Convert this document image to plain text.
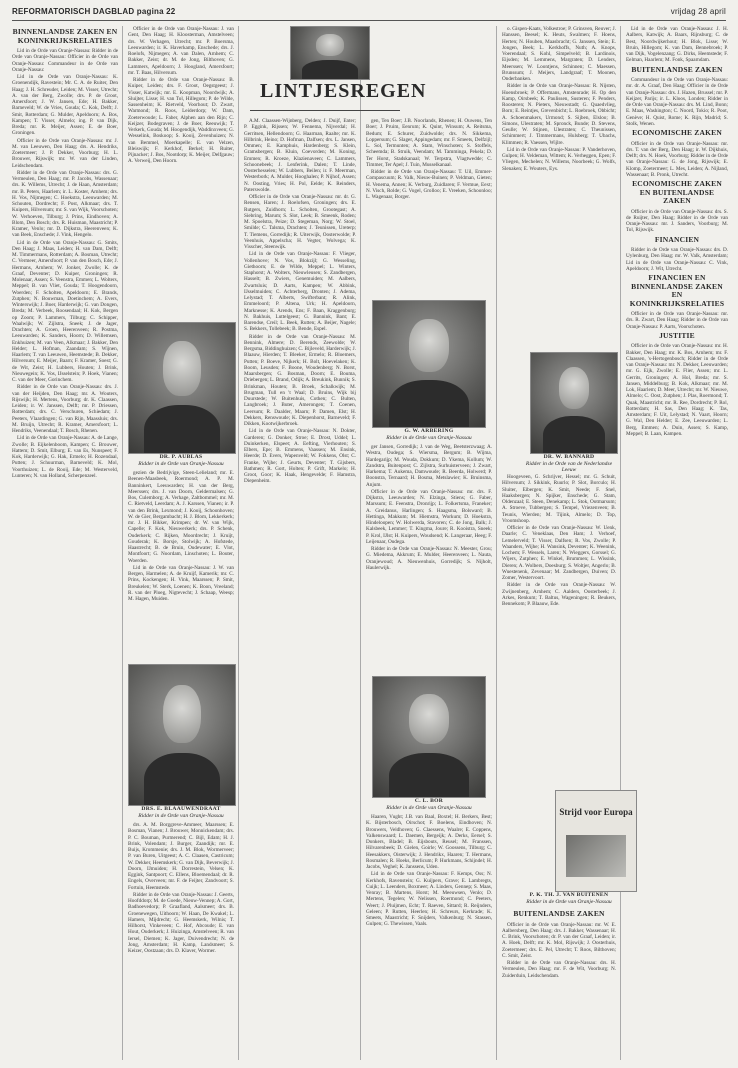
REFORMATORISCH DAGBLAD pagina 22	vrijdag 28 april
BINNENLANDSE ZAKEN EN KONINKRIJKSRELATIES

Lid in de Orde van Oranje-Nassau: Ridder in de Orde van Oranje-Nassau: Officier in de Orde van Oranje-Nassau: Commandeur in de Orde van Oranje-Nassau:

Lid in de Orde van Oranje-Nassau: K. Groenendijk, Ravestein; Mr. C. A. de Ruiter, Den Haag; J. H. Schreuder, Leiden; M. Visser, Utrecht; A. van der Berg, Zwolle; drs. P. de Groot, Amersfoort; J. W. Jansen, Ede; H. Bakker, Barneveld; W. de Vries, Gouda; C. Kok, Delft; J. Smit, Rotterdam; G. Mulder, Apeldoorn; A. Bos, Kampen; T. Visser, Almelo; ing. P. van Dijk, Breda; mr. R. Meijer, Assen; E. de Boer, Groningen.

Officier in de Orde van Oranje-Nassau: mr. J. M. van Leeuwen, Den Haag; drs. A. Hendriks, Zoetermeer; J. P. Dekker, Voorburg; H. L. Brouwer, Rijswijk; mr. W. van der Linden, Leidschendam.

Ridder in de Orde van Oranje-Nassau: drs. G. Vermeulen, Den Haag; mr. P. Jacobs, Wassenaar; drs. K. Willems, Utrecht; J. de Haan, Amsterdam; mr. B. Peters, Haarlem; ir. L. Koster, Arnhem; drs. H. Vos, Nijmegen; C. Hoekstra, Leeuwarden; M. Schouten, Dordrecht; F. Post, Alkmaar; drs. T. Kuipers, Hilversum; mr. S. van Wijk, Voorschoten; W. Verhoeven, Tilburg; J. Prins, Eindhoven; A. Blom, Den Bosch; drs. R. Huisman, Maastricht; P. Kramer, Venlo; mr. D. Dijkstra, Heerenveen; K. van Beek, Enschede; J. Vink, Hengelo.

Lid in de Orde van Oranje-Nassau: G. Smits, Den Haag; J. Maas, Leiden; H. van Dam, Delft; M. Timmermans, Rotterdam; A. Bosman, Utrecht; C. Vermeer, Amersfoort; P. van den Bosch, Ede; J. Hermans, Arnhem; W. Jonker, Zwolle; K. de Graaf, Deventer; D. Kuiper, Groningen; R. Molenaar, Assen; S. Veenstra, Emmen; L. Wolters, Meppel; B. van Vliet, Gouda; T. Hoogendoorn, Woerden; F. Scholten, Apeldoorn; E. Brands, Zutphen; N. Bouwman, Doetinchem; A. Evers, Winterswijk; J. Boer, Harderwijk; G. van Dongen, Breda; M. Verbeek, Roosendaal; H. Kok, Bergen op Zoom; P. Lammers, Tilburg; C. Schipper, Waalwijk; W. Zijlstra, Sneek; J. de Jager, Drachten; A. Groen, Heerenveen; R. Postma, Leeuwarden; K. Sanders, Hoorn; D. Willemsen, Enkhuizen; M. van Veen, Alkmaar; J. Bakker, Den Helder; L. Hofman, Zaandam; S. Wijnen, Haarlem; T. van Leeuwen, Heemstede; B. Dekker, Hilversum; E. Meijer, Baarn; F. Kramer, Soest; G. de Wit, Zeist; H. Lubbers, Houten; J. Brink, Nieuwegein; K. Vos, IJsselstein; P. Hoek, Vianen; C. van der Meer, Gorinchem.

Ridder in de Orde van Oranje-Nassau: drs. J. van der Heijden, Den Haag; mr. A. Wouters, Rijswijk; H. Mertens, Voorburg; dr. K. Claassen, Leiden; ir. W. Janssen, Delft; mr. P. Driessen, Rotterdam; drs. C. Verschuren, Schiedam; J. Peeters, Vlaardingen; G. van Rijn, Maassluis; drs. M. Bruijn, Utrecht; R. Kramer, Amersfoort; L. Hendriks, Veenendaal; T. Bosch, Rhenen.

Lid in de Orde van Oranje-Nassau: A. de Lange, Zwolle; B. Eijkelenboom, Kampen; C. Brouwer, Hattem; D. Smit, Elburg; E. van Es, Nunspeet; F. Kok, Harderwijk; G. Hak, Ermelo; H. Rozendaal, Putten; J. Schuurman, Barneveld; K. Mol, Voorthuizen; L. de Rooij, Ede; M. Westerveld, Lunteren; N. van Holland, Scherpenzeel.

Officier in de Orde van Oranje-Nassau: J. van Gent, Den Haag; H. Kloosterman, Amstelveen; drs. W. Verhagen, Utrecht; mr. P. Boersma, Leeuwarden; ir. K. Haverkamp, Enschede; drs. J. Roelofs, Nijmegen; A. van Dalen, Arnhem; C. Bakker, Zeist; dr. M. de Jong, Bilthoven; G. Lammers, Apeldoorn; J. Hoogland, Amersfoort; mr. T. Baas, Hilversum.

Ridder in de Orde van Oranje-Nassau: B. Kuiper, Leiden; drs. F. Groot, Oegstgeest; J. Visser, Katwijk; mr. E. Koopman, Noordwijk; A. Sluijter, Lisse; H. van Tol, Hillegom; P. de Wilde, Sassenheim; K. Rietveld, Voorhout; D. Zwart, Warmond; R. Roos, Leiderdorp; W. Dam, Zoeterwoude; L. Faber, Alphen aan den Rijn; C. Keijzer, Bodegraven; J. de Boer, Reeuwijk; T. Verkerk, Gouda; M. Hoogendijk, Waddinxveen; G. Wesselink, Boskoop; S. Kooij, Zevenhuizen; N. van Bemmel, Moerkapelle; E. van Velzen, Bleiswijk; F. Kerkhof, Berkel; H. Ruiter, Pijnacker; J. Bos, Nootdorp; K. Meijer, Delfgauw; A. Verweij, Den Hoorn.

DR. P. AUBLAS
Ridder in de Orde van Oranje-Nassau

gezien de Bedrijvige, Steen-Lelieland; mr. E. Beenen-Maasbeek, Roermond; A. P. M. Banninkert, Leeuwarden; H. van der Berg, Meerssen; drs. J. van Doorn, Geldermalsen; G. Bos, Culemborg; A. Verhage, Zaltbommel; mr. M. C. Rietveld, Leerdam; A. J. Karssen, Vianen; ir. P. van den Brink, Lexmond; J. Kooij, Schoonhoven; W. de Gier, Bergambacht; H. J. Blom, Lekkerkerk; mr. J. H. Bikker, Krimpen; dr. W. van Wijk, Capelle; F. Kok, Nieuwerkerk; drs. P. Schenk, Ouderkerk; C. Rijken, Moordrecht; J. Kruijt, Gouderak; K. Borsje, Stolwijk; A. Hofstede, Haastrecht; B. de Bruin, Oudewater; E. Vlot, Montfoort; G. Noordam, Linschoten; L. Bouter, Woerden.

Lid in de Orde van Oranje-Nassau: J. W. van Bergen, Harmelen; A. de Kruijf, Kamerik; mr. C. Prins, Kockengen; H. Vink, Maarssen; P. Smit, Breukelen; W. Sterk, Loenen; K. Boon, Vreeland; R. van der Ploeg, Nigtevecht; J. Schaap, Weesp; M. Hagen, Muiden.

DRS. E. BLAAUWENDRAAT
Ridder in de Orde van Oranje-Nassau

drs. A. M. Borggreve-Ammeer, Maarssen; E. Bosman, Vianen; J. Brouwer, Monnickendam; drs. P. C. Bouman, Purmerend; C. Bijl, Edam; H. J. Brink, Volendam; J. Burger, Zaandijk; mr. E. Buijs, Krommenie; drs. J. M. Blok, Wormerveer; P. van Buren, Uitgeest; A. C. Claasen, Castricum; W. Dekker, Heemskerk; G. van Dijk, Beverwijk; J. Doorn, IJmuiden; H. Dorrestein, Velsen; K. Eggink, Santpoort; C. Ellens, Bloemendaal; dr. R. Engels, Overveen; mr. F. de Feijter, Zandvoort; S. Fortuin, Heemstede.

Ridder in de Orde van Oranje-Nassau: J. Geerts, Hoofddorp; M. de Goede, Nieuw-Vennep; A. Gort, Badhoevedorp; P. Graafland, Aalsmeer; drs. B. Groenewegen, Uithoorn; W. Haan, De Kwakel; L. Hamers, Mijdrecht; G. Heemskerk, Wilnis; T. Hilhorst, Vinkeveen; C. Hof, Abcoude; E. van Hout, Ouderkerk; J. Huizinga, Amstelveen; R. van Iersel, Diemen; K. Jager, Duivendrecht; N. de Jong, Amsterdam; H. Kamp, Landsmeer; S. Keizer, Oostzaan; drs. D. Klaver, Wormer.

LINTJESREGEN

A.M. Claassen-Wijnberg, Delden; J. Duijf, Enter; P. Eggink, Rijssen; W. Fennema, Nijverdal; H. Gerritsen, Hellendoorn; G. Haarman, Raalte; mr. K. Hilbrink, Heino; D. Hofman, Dalfsen; drs. L. Jansen, Ommen; E. Kamphuis, Hardenberg; S. Klein, Gramsbergen; B. Kluin, Coevorden; M. Koning, Emmen; R. Kroeze, Klazienaveen; C. Lammers, Schoonebeek; J. Lenferink, Dalen; T. Linde, Oosterhesselen; W. Lubbers, Beilen; ir. F. Meerman, Westerbork; A. Mulder, Hooghalen; P. Nijhof, Assen; N. Oosting, Vries; H. Pol, Eelde; K. Reinders, Paterswolde.

Officier in de Orde van Oranje-Nassau: mr. dr. G. Rensen, Haren; J. Roelofsen, Groningen; drs. E. Rutgers, Zuidhorn; L. Scholten, Grootegast; A. Siebring, Marum; S. Slot, Leek; B. Smeenk, Roden; M. Spoelstra, Peize; D. Stegeman, Norg; W. Stoel, Smilde; C. Talsma, Drachten; J. Teunissen, Ureterp; T. Tiemens, Gorredijk; R. Uiterwijk, Oosterwolde; P. Veenhuis, Appelscha; H. Vegter, Wolvega; K. Visscher, Steenwijk.

Lid in de Orde van Oranje-Nassau: F. Vlieger, Vollenhove; N. Vos, Blokzijl; G. Wesseling, Giethoorn; E. de Wilde, Meppel; L. Winters, Staphorst; A. Wolters, Nieuwleusen; S. Zandbergen, Hasselt; B. Zwiers, Genemuiden; M. Aalbers, Zwartsluis; D. Aarts, Kampen; W. Abbink, IJsselmuiden; C. Achterberg, Dronten; J. Adema, Lelystad; T. Alberts, Swifterbant; R. Alink, Emmeloord; P. Altena, Urk; H. Apeldoorn, Marknesse; K. Arends, Ens; F. Baan, Kraggenburg; N. Bakhuis, Luttelgeest; G. Bannink, Bant; E. Barendse, Creil; L. Beek, Rutten; A. Beijer, Nagele; S. Bekkers, Tollebeek; B. Bende, Espel.

Ridder in de Orde van Oranje-Nassau: M. Bennink, Almere; D. Berends, Zeewolde; W. Bergsma, Biddinghuizen; C. Bijleveld, Harderwijk; J. Blaauw, Hierden; T. Bleeker, Ermelo; R. Bloemers, Putten; P. Boeve, Nijkerk; H. Bolt, Hoevelaken; K. Boom, Leusden; F. Boone, Woudenberg; N. Borst, Maarsbergen; G. Bosman, Doorn; E. Bouma, Driebergen; L. Brand, Odijk; A. Breukink, Bunnik; S. Brinkman, Houten; B. Broek, Schalkwijk; M. Brugman, Tull en 't Waal; D. Bruins, Wijk bij Duurstede; W. Buitenhuis, Cothen; C. Bulten, Langbroek; J. Buter, Amerongen; T. Coenen, Leersum; R. Daalder, Maarn; P. Damen, Elst; H. Dekkers, Renswoude; K. Diepenhorst, Barneveld; F. Dikken, Kootwijkerbroek.

Lid in de Orde van Oranje-Nassau: N. Dokter, Garderen; G. Donker, Stroe; E. Drost, Uddel; L. Duinkerken, Elspeet; A. Eefting, Vierhouten; S. Elbers, Epe; B. Emmens, Vaassen; M. Ensink, Heerde; D. Evers, Wapenveld; W. Fokkens, Olst; C. Franke, Wijhe; J. Geurts, Deventer; T. Gijsbers, Bathmen; R. Gort, Holten; P. Grift, Markelo; H. Groot, Goor; K. Haak, Hengevelde; F. Hamstra, Diepenheim.

gen, Ten Boer; J.B. Noorlands, Rhenen; H. Ouwens, Ten Boer; J. Pruim, Eenrum; K. Quint, Winsum; A. Reitsma, Bedum; E. Schurer, Zuidwolde; drs. N. Sikkema, Loppersum; G. Slager, Appingedam; mr. F. Smeets, Delfzijl; L. Sol, Termunten; A. Stam, Winschoten; S. Stoffels, Scheemda; B. Struik, Veendam; M. Tamminga, Pekela; D. Ter Horst, Stadskanaal; W. Terpstra, Vlagtwedde; C. Timmer, Ter Apel; J. Tuin, Musselkanaal.

Ridder in de Orde van Oranje-Nassau: T. Uil, Emmer-Compascuum; R. Valk, Nieuw-Buinen; P. Veldman, Gieten; H. Venema, Annen; K. Verburg, Zuidlaren; F. Vermue, Eext; N. Visch, Rolde; G. Vogel, Grolloo; E. Vreeken, Schoonloo; L. Wagenaar, Borger.

G. W. ARBERING
Ridder in de Orde van Oranje-Nassau

ger Jansen, Gorredijk; J. van de Weg, Beetsterzwaag; A. Westra, Oudega; S. Wiersma, Bergum; B. Wijma, Hardegarijp; M. Wouda, Dokkum; D. Ykema, Kollum; W. Zandstra, Buitenpost; C. Zijlstra, Surhuisterveen; J. Zwart, Harkema; T. Aukema, Damwoude; R. Beerda, Holwerd; P. Boonstra, Ternaard; H. Bosma, Metslawier; K. Bruinsma, Anjum.

Officier in de Orde van Oranje-Nassau: mr. drs. F. Dijkstra, Leeuwarden; N. Elzinga, Stiens; G. Faber, Marssum; E. Feenstra, Dronrijp; L. Folkertsma, Franeker; A. Greidanus, Harlingen; S. Haagsma, Bolsward; B. Hettinga, Makkum; M. Hiemstra, Workum; D. Hoekstra, Hindeloopen; W. Holwerda, Stavoren; C. de Jong, Balk; J. Kalsbeek, Lemmer; T. Kingma, Joure; R. Kooistra, Sneek; P. Krol, IJlst; H. Kuipers, Woudsend; K. Langeraar, Heeg; F. Leijenaar, Oudega.

Ridder in de Orde van Oranje-Nassau: N. Meester, Grou; G. Miedema, Akkrum; E. Mulder, Heerenveen; L. Nauta, Oranjewoud; A. Nieuwenhuis, Gorredijk; S. Nijholt, Haulerwijk.

C. L. BOR
Ridder in de Orde van Oranje-Nassau

Haaren, Vught; J.B. van Baal, Boxtel; H. Berkers, Best; K. Bijsterbosch, Oirschot; F. Boelens, Eindhoven; N. Brouwers, Veldhoven; G. Claessens, Waalre; E. Coppens, Valkenswaard; L. Daemen, Bergeijk; A. Derks, Eersel; S. Donkers, Bladel; B. Eijsbouts, Reusel; M. Franssen, Hilvarenbeek; D. Gielen, Goirle; W. Goossens, Tilburg; C. Heesakkers, Oisterwijk; J. Hendrikx, Haaren; T. Hermans, Rosmalen; R. Hoeks, Berlicum; P. Hurkmans, Schijndel; H. Jacobs, Veghel; K. Janssens, Uden.

Lid in de Orde van Oranje-Nassau: F. Kemps, Oss; N. Kerkhofs, Ravenstein; G. Kuijpers, Grave; E. Lambregts, Cuijk; L. Leenders, Boxmeer; A. Linders, Gennep; S. Maas, Venray; B. Martens, Horst; M. Meeuwsen, Venlo; D. Mertens, Tegelen; W. Nelissen, Roermond; C. Peeters, Weert; J. Pluijmen, Echt; T. Raeven, Sittard; R. Reijnders, Geleen; P. Rutten, Heerlen; H. Schreurs, Kerkrade; K. Smeets, Maastricht; F. Snijders, Valkenburg; N. Stassen, Gulpen; G. Thewissen, Vaals.

o. Gispen-Kaats, Volkestroe; P. Grinsven, Reuver; J. Hanssen, Beesel; K. Heuts, Swalmen; F. Hoens, Herten; N. Houben, Maasbracht; G. Janssen, Stein; E. Jongen, Beek; L. Kerkhoffs, Nuth; A. Knops, Voerendaal; S. Kohl, Simpelveld; B. Lardinois, Eijsden; M. Lemmens, Margraten; D. Lenders, Meerssen; W. Loontjens, Schinnen; C. Maessen, Brunssum; J. Meijers, Landgraaf; T. Moonen, Onderbanken.

Ridder in de Orde van Oranje-Nassau: R. Nijsten, Hoensbroek; P. Offermans, Amstenrade; H. Op den Kamp, Oirsbeek; K. Paulissen, Susteren; F. Penders, Roosteren; N. Pieters, Nieuwstadt; G. Quaedvlieg, Born; E. Reintjes, Grevenbicht; L. Roebroek, Obbicht; A. Schoenmakers, Urmond; S. Sijben, Elsloo; B. Simons, Ulestraten; M. Spronck, Bunde; D. Stevens, Geulle; W. Stijnen, Ulestraten; C. Theunissen, Schimmert; J. Timmermans, Hulsberg; T. Ubachs, Klimmen; R. Vaessen, Wijlre.

Lid in de Orde van Oranje-Nassau: P. Vanderhoven, Gulpen; H. Veldeman, Wittem; K. Verheggen, Epen; F. Vliegen, Mechelen; N. Willems, Noorbeek; G. Wolfs, Slenaken; E. Wouters, Eys.

DR. W. BANNARD
Ridder in de Orde van de Nederlandse Leeuw

Hoogeveen, G. Schrijver, Hessel; mr. G. Schuit, Hilversum; J. Sikkink, Ruurlo; P. Slot, Borculo; H. Sluiter, Eibergen; K. Smit, Neede; F. Snel, Haaksbergen; N. Spijker, Enschede; G. Stam, Oldenzaal; E. Steen, Denekamp; L. Stok, Ootmarsum; A. Stroeve, Tubbergen; S. Tempel, Vriezenveen; B. Teunis, Wierden; M. Tijink, Almelo; D. Top, Vroomshoop.

Officier in de Orde van Oranje-Nassau: W. Uenk, Daarle; C. Veneklaas, Den Ham; J. Verhoef, Lemelerveld; T. Visser, Dalfsen; R. Vos, Zwolle; P. Waanders, Wijhe; H. Wansink, Deventer; K. Weenink, Lochem; F. Wessels, Laren; N. Wieggers, Gorssel; G. Wijers, Zutphen; E. Winkel, Brummen; L. Wissink, Dieren; A. Wolbers, Doesburg; S. Woltjer, Angerlo; B. Wuestenenk, Zevenaar; M. Zandbergen, Duiven; D. Zomer, Westervoort.

Ridder in de Orde van Oranje-Nassau: W. Zwijnenberg, Arnhem; C. Aalders, Oosterbeek; J. Arkes, Renkum; T. Baltus, Wageningen; R. Beukers, Bennekom; P. Blaauw, Ede.

Strijd voor Europa
P. K. TH. J. VAN BUITENEN
Ridder in de Orde van Oranje-Nassau
BUITENLANDSE ZAKEN

Officier in de Orde van Oranje-Nassau: mr. W. E. Aalbersberg, Den Haag; drs. J. Bakker, Wassenaar; H. C. Brink, Voorschoten; dr. P. van der Graaf, Leiden; ir. A. Hoek, Delft; mr. K. Mol, Rijswijk; J. Oosterhuis, Zoetermeer; drs. E. Pel, Utrecht; T. Roos, Bilthoven; C. Smit, Zeist.

Ridder in de Orde van Oranje-Nassau: drs. H. Vermeulen, Den Haag; mr. F. de Wit, Voorburg; N. Zuiderduin, Leidschendam.

Lid in de Orde van Oranje-Nassau: J. H. Aalbers, Katwijk; A. Baars, Rijnsburg; C. de Best, Noordwijkerhout; H. Blok, Lisse; W. Bruin, Hillegom; K. van Dam, Bennebroek; P. van Dijk, Vogelenzang; G. Dirks, Heemstede; F. Eelman, Haarlem; M. Fonk, Spaarndam.

BUITENLANDSE ZAKEN

Commandeur in de Orde van Oranje-Nassau: mr. dr. A. Graaf, Den Haag; Officier in de Orde van Oranje-Nassau: drs. J. Hazen, Brussel; mr. P. Keijzer, Parijs; ir. L. Kloos, Londen; Ridder in de Orde van Oranje-Nassau: drs. M. Lind, Bonn; E. Maas, Washington; C. Noord, Tokio; R. Poot, Genève; H. Quist, Rome; K. Rijn, Madrid; S. Stolk, Wenen.

ECONOMISCHE ZAKEN

Officier in de Orde van Oranje-Nassau: mr. drs. T. van der Berg, Den Haag; ir. W. Dijkhuis, Delft; drs. N. Hoek, Voorburg; Ridder in de Orde van Oranje-Nassau: G. de Jong, Rijswijk; E. Klomp, Zoetermeer; L. Mes, Leiden; A. Nijland, Wassenaar; B. Pronk, Utrecht.

ECONOMISCHE ZAKEN EN BUITENLANDSE ZAKEN

Officier in de Orde van Oranje-Nassau: drs. S. de Ruijter, Den Haag; Ridder in de Orde van Oranje-Nassau: mr. J. Sanders, Voorburg; M. Tol, Rijswijk.

FINANCIEN

Ridder in de Orde van Oranje-Nassau: drs. D. Uylenburg, Den Haag; mr. W. Valk, Amsterdam; Lid in de Orde van Oranje-Nassau: C. Vink, Apeldoorn; J. Wit, Utrecht.

FINANCIEN EN BINNENLANDSE ZAKEN EN KONINKRIJKSRELATIES

Officier in de Orde van Oranje-Nassau: mr. drs. R. Zwart, Den Haag; Ridder in de Orde van Oranje-Nassau: P. Aarts, Voorschoten.

JUSTITIE

Officier in de Orde van Oranje-Nassau: mr. H. Bakker, Den Haag; mr. K. Bos, Arnhem; mr. F. Claassen, 's-Hertogenbosch; Ridder in de Orde van Oranje-Nassau: mr. N. Dekker, Leeuwarden; mr. G. Eijk, Zwolle; E. Flier, Assen; mr. L. Gerrits, Groningen; A. Hol, Breda; mr. S. Jansen, Middelburg; B. Kok, Alkmaar; mr. M. Lok, Haarlem; D. Meer, Utrecht; mr. W. Nieuwe, Almelo; C. Oost, Zutphen; J. Plas, Roermond; T. Quak, Maastricht; mr. R. Ree, Dordrecht; P. Rol, Rotterdam; H. Sas, Den Haag; K. Tas, Amsterdam; F. Uit, Lelystad; N. Vaart, Hoorn; G. Wal, Den Helder; E. Zee, Leeuwarden; L. Berg, Emmen; A. Duin, Assen; S. Kamp, Meppel; B. Laan, Kampen.
